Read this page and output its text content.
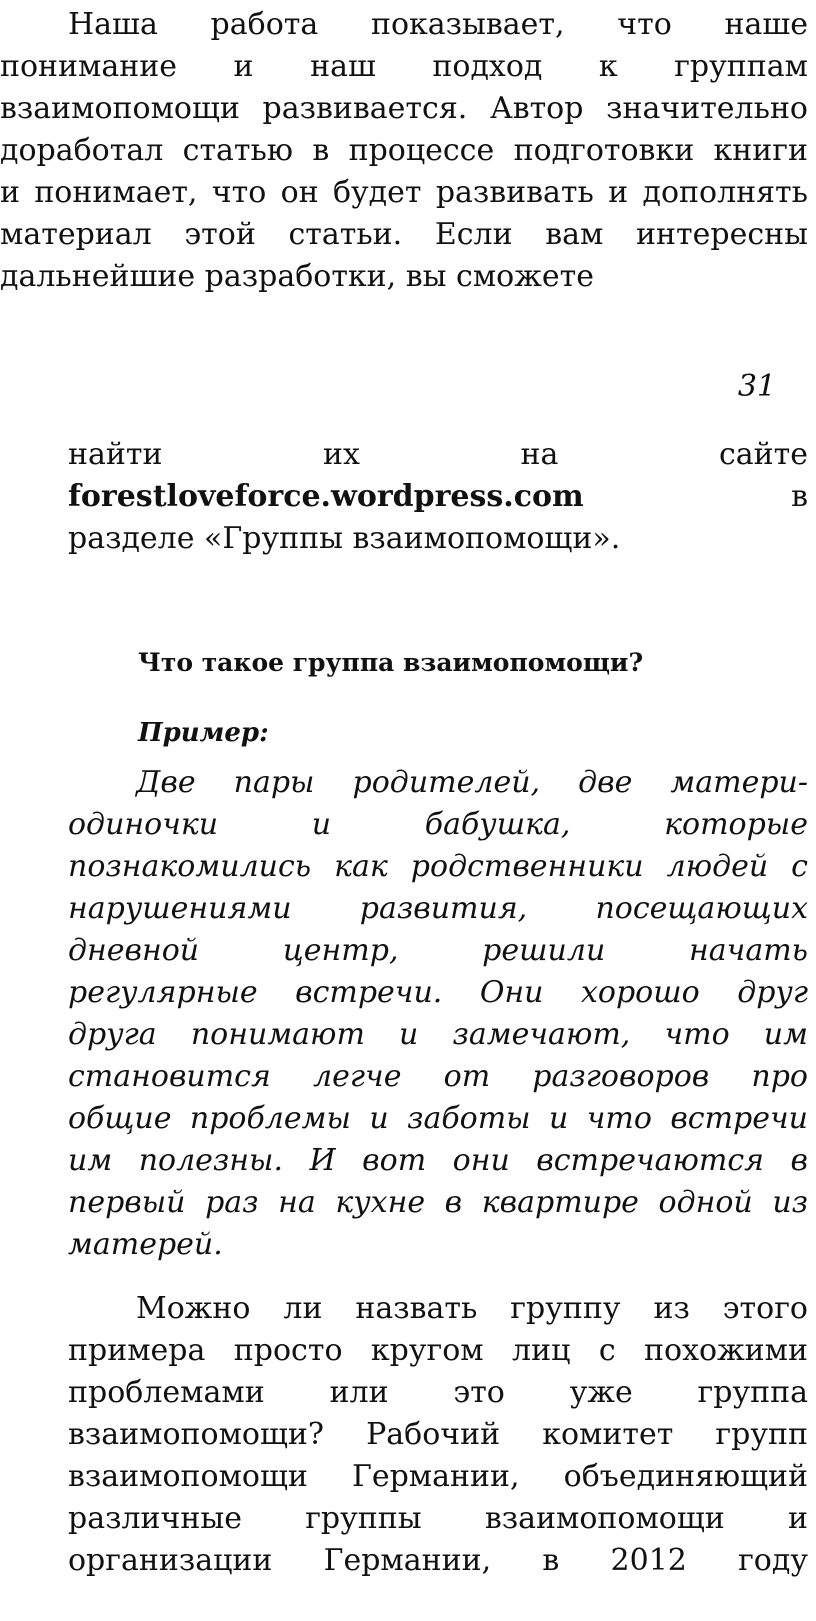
Наша работа показывает, что наше
понимание и наш подход к группам
взаимопомощи развивается. Автор значительно
доработал статью в процессе подготовки книги
и понимает, что он будет развивать и дополнять
материал этой статьи. Если вам интересны
дальнейшие разработки, вы сможете
31
найти их на сайте
forestloveforce.wordpress.com	в
разделе «Группы взаимопомощи».
Что такое группа взаимопомощи?
Пример:
Две пары родителей, две матери-
одиночки и бабушка, которые
познакомились как родственники людей с
нарушениями развития, посещающих
дневной центр, решили начать
регулярные встречи. Они хорошо друг
друга понимают и замечают, что им
становится легче от разговоров про
общие проблемы и заботы и что встречи
им полезны. И вот они встречаются в
первый раз на кухне в квартире одной из
матерей.
Можно ли назвать группу из этого
примера просто кругом лиц с похожими
проблемами или это уже группа
взаимопомощи? Рабочий комитет групп
взаимопомощи Германии, объединяющий
различные группы взаимопомощи и
организации Германии, в 2012 году
